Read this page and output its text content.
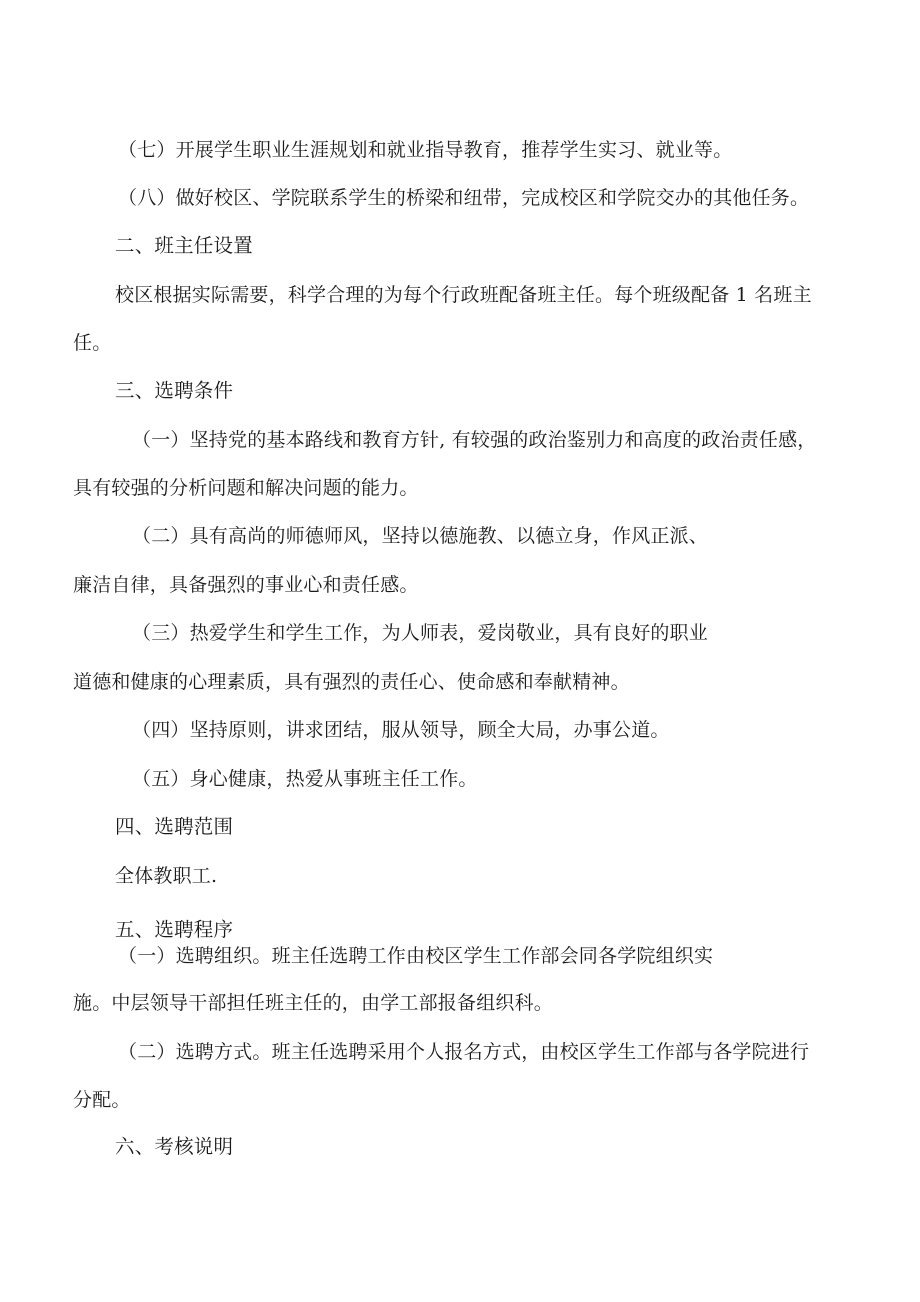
（七）开展学生职业生涯规划和就业指导教育，推荐学生实习、就业等。

（八）做好校区、学院联系学生的桥梁和纽带，完成校区和学院交办的其他任务。

二、班主任设置

校区根据实际需要，科学合理的为每个行政班配备班主任。每个班级配备 1 名班主

任。

三、选聘条件

（一）坚持党的基本路线和教育方针, 有较强的政治鉴别力和高度的政治责任感，

具有较强的分析问题和解决问题的能力。

（二）具有高尚的师德师风，坚持以德施教、以德立身，作风正派、

廉洁自律，具备强烈的事业心和责任感。

（三）热爱学生和学生工作，为人师表，爱岗敬业，具有良好的职业

道德和健康的心理素质，具有强烈的责任心、使命感和奉献精神。

（四）坚持原则，讲求团结，服从领导，顾全大局，办事公道。

（五）身心健康，热爱从事班主任工作。

四、选聘范围

全体教职工.

五、选聘程序

（一）选聘组织。班主任选聘工作由校区学生工作部会同各学院组织实

施。中层领导干部担任班主任的，由学工部报备组织科。

（二）选聘方式。班主任选聘采用个人报名方式，由校区学生工作部与各学院进行

分配。

六、考核说明
